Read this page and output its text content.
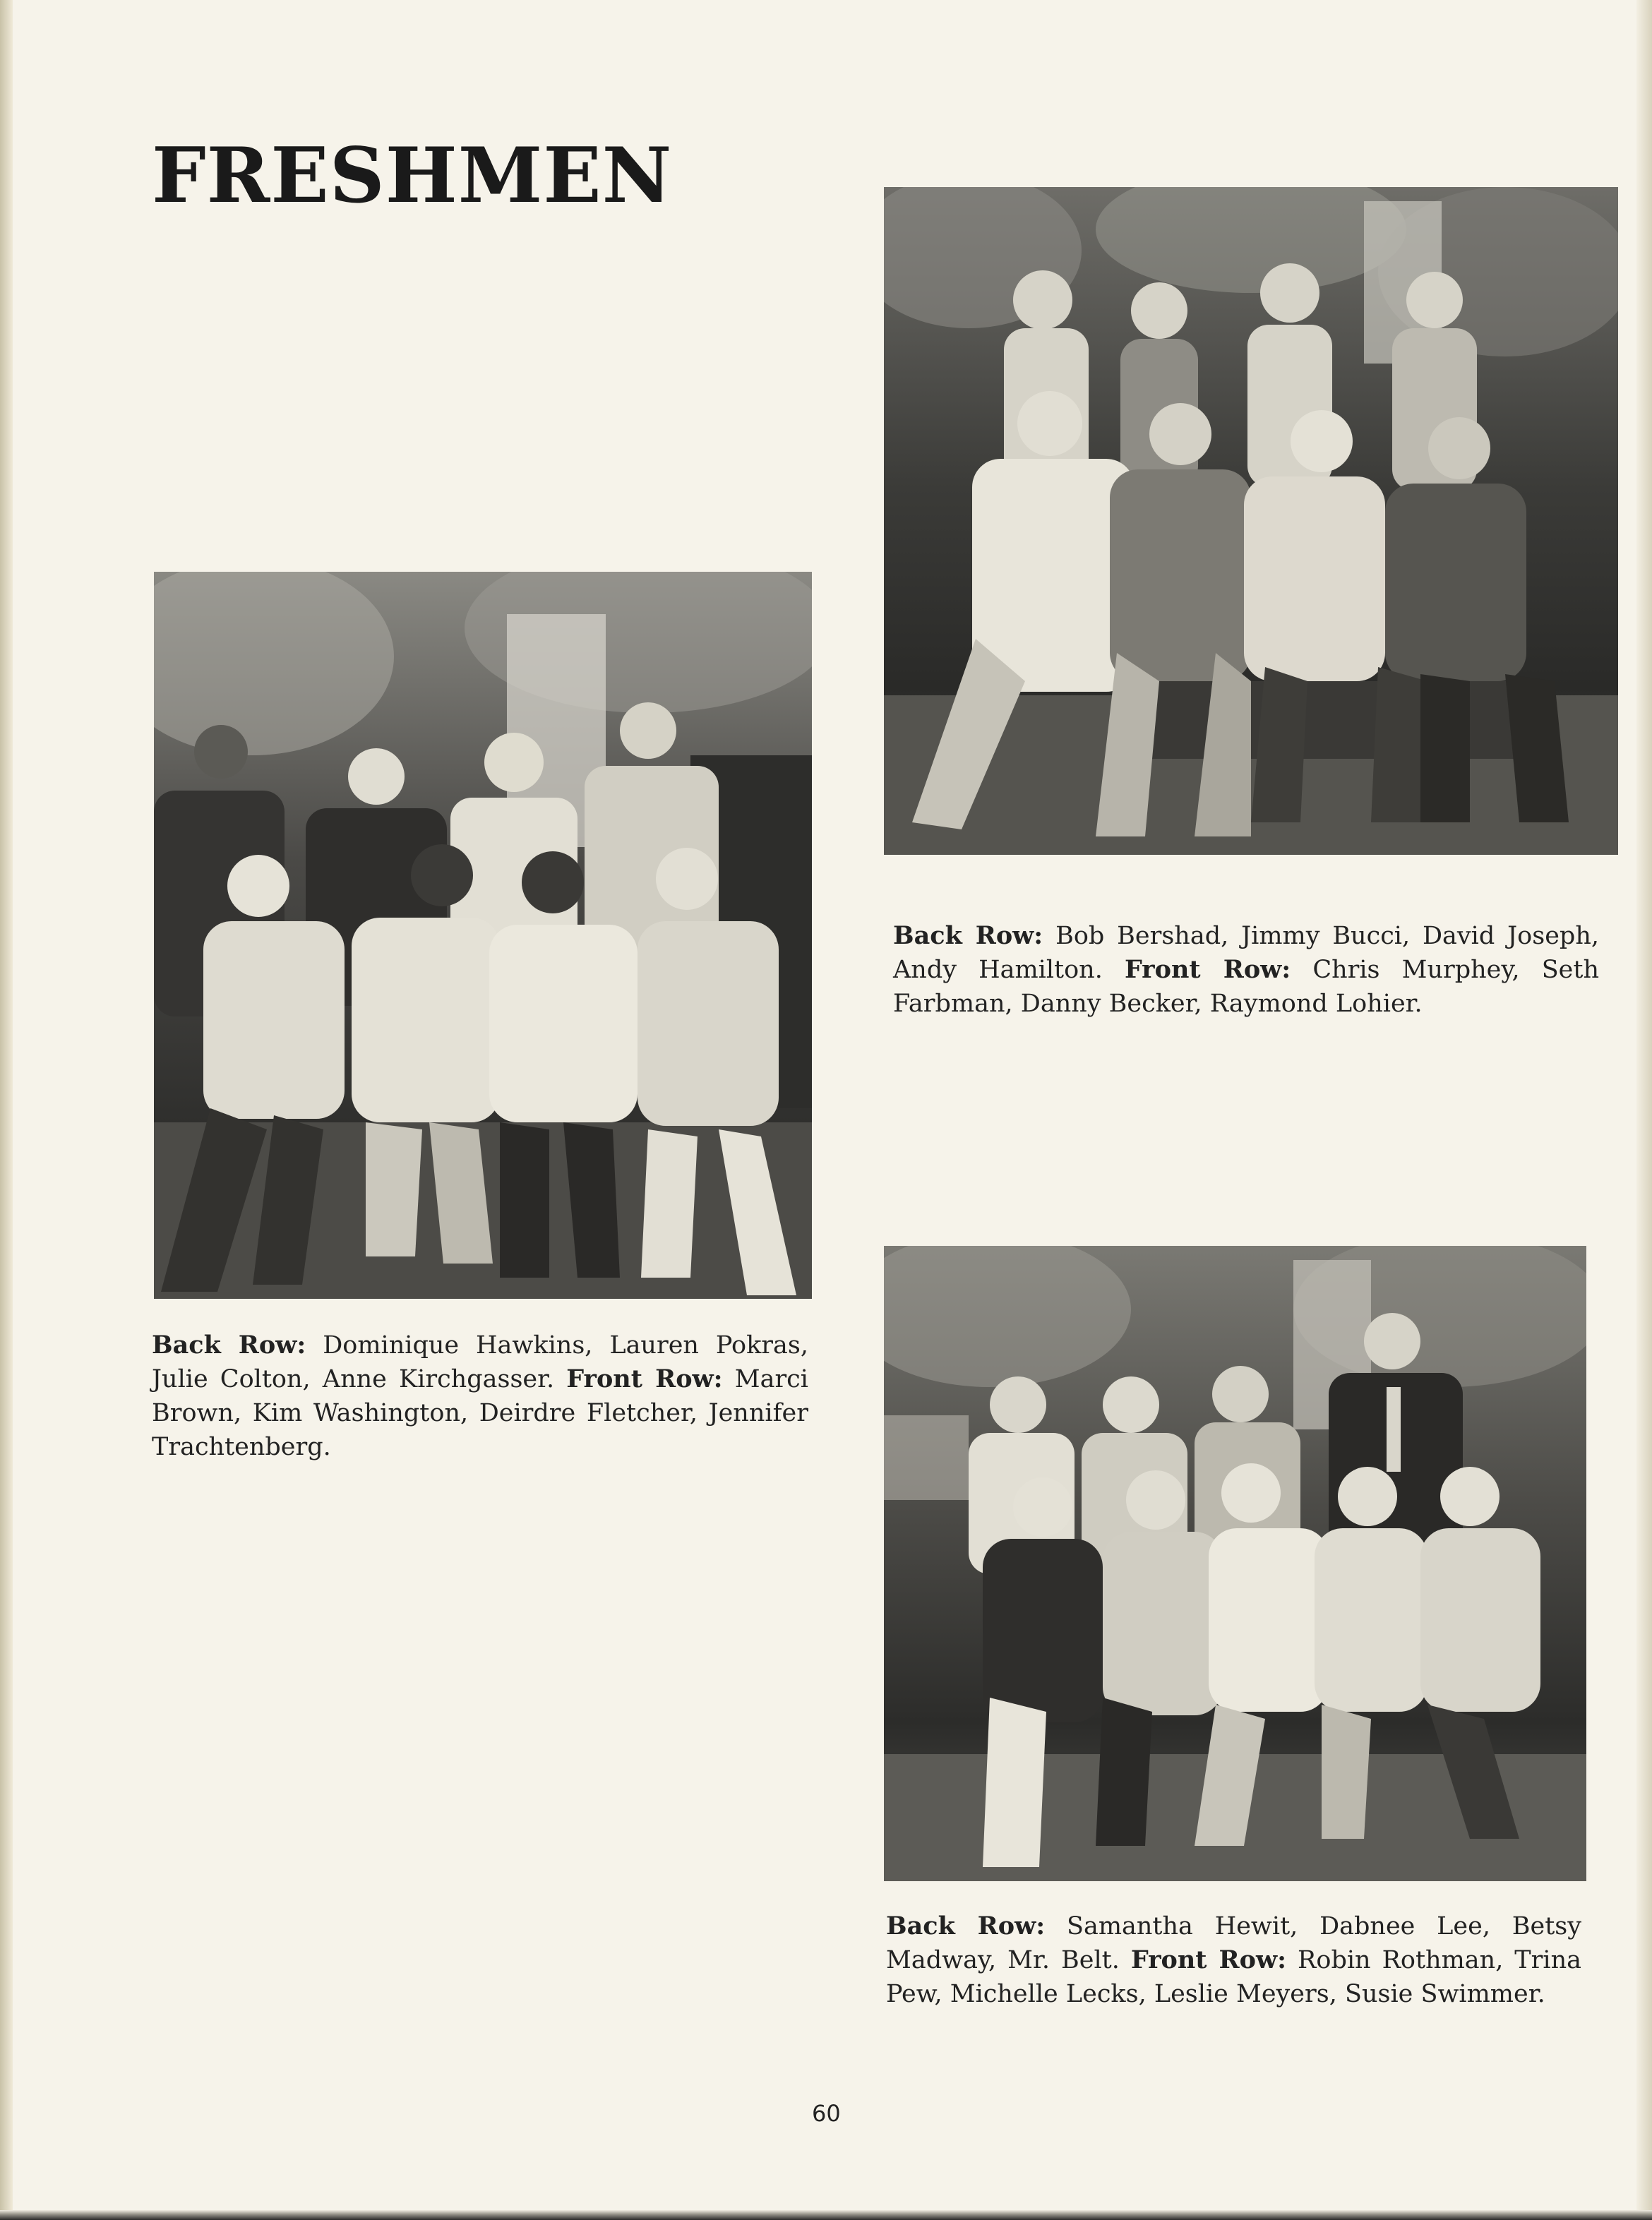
FRESHMEN

Back Row: Bob Bershad, Jimmy Bucci, David Joseph, Andy Hamilton. Front Row: Chris Murphey, Seth Farbman, Danny Becker, Raymond Lohier.

Back Row: Dominique Hawkins, Lauren Pokras, Julie Colton, Anne Kirchgasser. Front Row: Marci Brown, Kim Washington, Deirdre Fletcher, Jennifer Trachtenberg.

Back Row: Samantha Hewit, Dabnee Lee, Betsy Madway, Mr. Belt. Front Row: Robin Rothman, Trina Pew, Michelle Lecks, Leslie Meyers, Susie Swimmer.

60
